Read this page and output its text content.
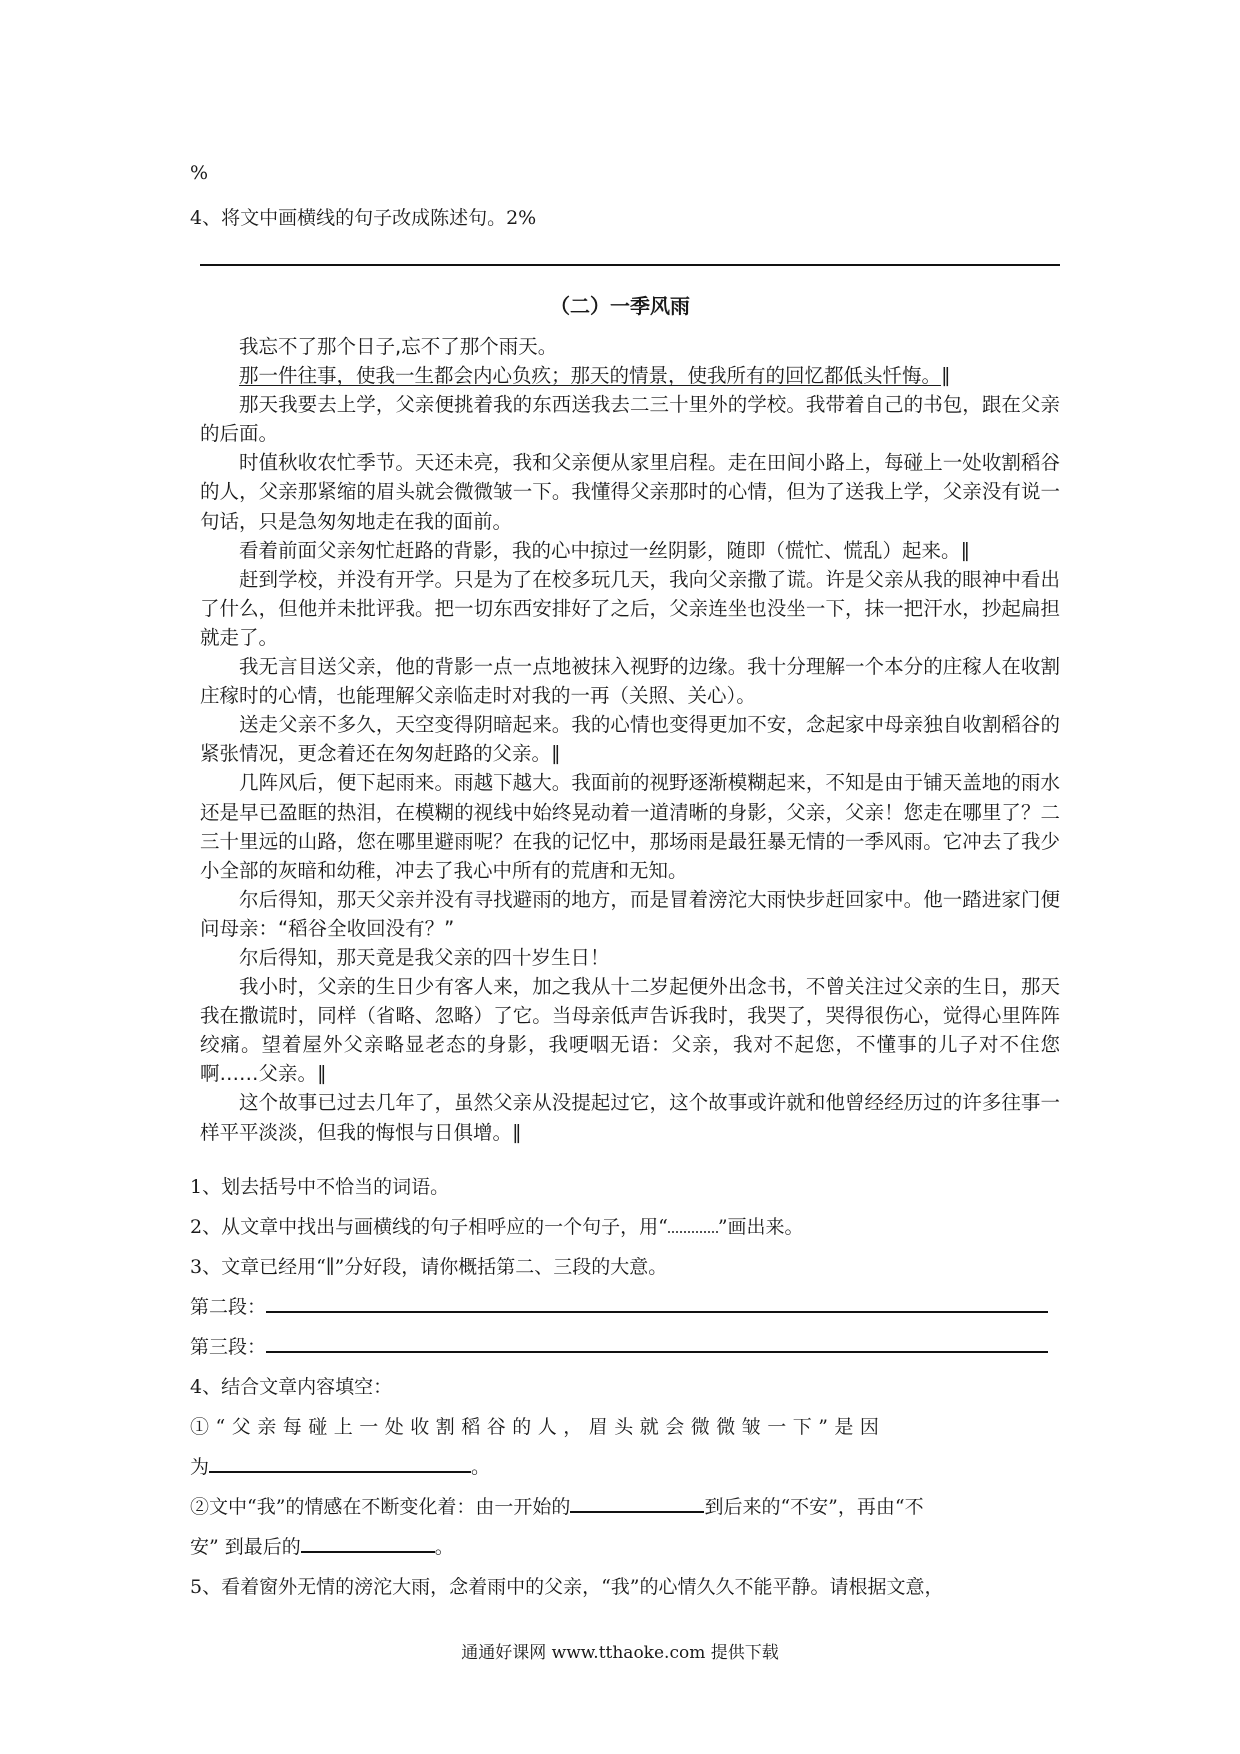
%
4、将文中画横线的句子改成陈述句。2%
（二）一季风雨

我忘不了那个日子,忘不了那个雨天。

那一件往事，使我一生都会内心负疚；那天的情景，使我所有的回忆都低头忏悔。∥

那天我要去上学，父亲便挑着我的东西送我去二三十里外的学校。我带着自己的书包，跟在父亲的后面。

时值秋收农忙季节。天还未亮，我和父亲便从家里启程。走在田间小路上，每碰上一处收割稻谷的人，父亲那紧缩的眉头就会微微皱一下。我懂得父亲那时的心情，但为了送我上学，父亲没有说一句话，只是急匆匆地走在我的面前。

看着前面父亲匆忙赶路的背影，我的心中掠过一丝阴影，随即（慌忙、慌乱）起来。∥

赶到学校，并没有开学。只是为了在校多玩几天，我向父亲撒了谎。许是父亲从我的眼神中看出了什么，但他并未批评我。把一切东西安排好了之后，父亲连坐也没坐一下，抹一把汗水，抄起扁担就走了。

我无言目送父亲，他的背影一点一点地被抹入视野的边缘。我十分理解一个本分的庄稼人在收割庄稼时的心情，也能理解父亲临走时对我的一再（关照、关心）。

送走父亲不多久，天空变得阴暗起来。我的心情也变得更加不安，念起家中母亲独自收割稻谷的紧张情况，更念着还在匆匆赶路的父亲。∥

几阵风后，便下起雨来。雨越下越大。我面前的视野逐渐模糊起来，不知是由于铺天盖地的雨水还是早已盈眶的热泪，在模糊的视线中始终晃动着一道清晰的身影，父亲，父亲！您走在哪里了？二三十里远的山路，您在哪里避雨呢？在我的记忆中，那场雨是最狂暴无情的一季风雨。它冲去了我少小全部的灰暗和幼稚，冲去了我心中所有的荒唐和无知。

尔后得知，那天父亲并没有寻找避雨的地方，而是冒着滂沱大雨快步赶回家中。他一踏进家门便问母亲：“稻谷全收回没有？”

尔后得知，那天竟是我父亲的四十岁生日！

我小时，父亲的生日少有客人来，加之我从十二岁起便外出念书，不曾关注过父亲的生日，那天我在撒谎时，同样（省略、忽略）了它。当母亲低声告诉我时，我哭了，哭得很伤心，觉得心里阵阵绞痛。望着屋外父亲略显老态的身影，我哽咽无语：父亲，我对不起您，不懂事的儿子对不住您啊……父亲。∥

这个故事已过去几年了，虽然父亲从没提起过它，这个故事或许就和他曾经经历过的许多往事一样平平淡淡，但我的悔恨与日俱增。∥

1、划去括号中不恰当的词语。
2、从文章中找出与画横线的句子相呼应的一个句子，用“	”画出来。
3、文章已经用“∥”分好段，请你概括第二、三段的大意。
第二段：
第三段：
4、结合文章内容填空：
①“父亲每碰上一处收割稻谷的人，眉头就会微微皱一下”是因
为	。
②文中“我”的情感在不断变化着：由一开始的	到后来的“不安”，再由“不
安” 到最后的	。
5、看着窗外无情的滂沱大雨，念着雨中的父亲，“我”的心情久久不能平静。请根据文意，
通通好课网 www.tthaoke.com 提供下载
